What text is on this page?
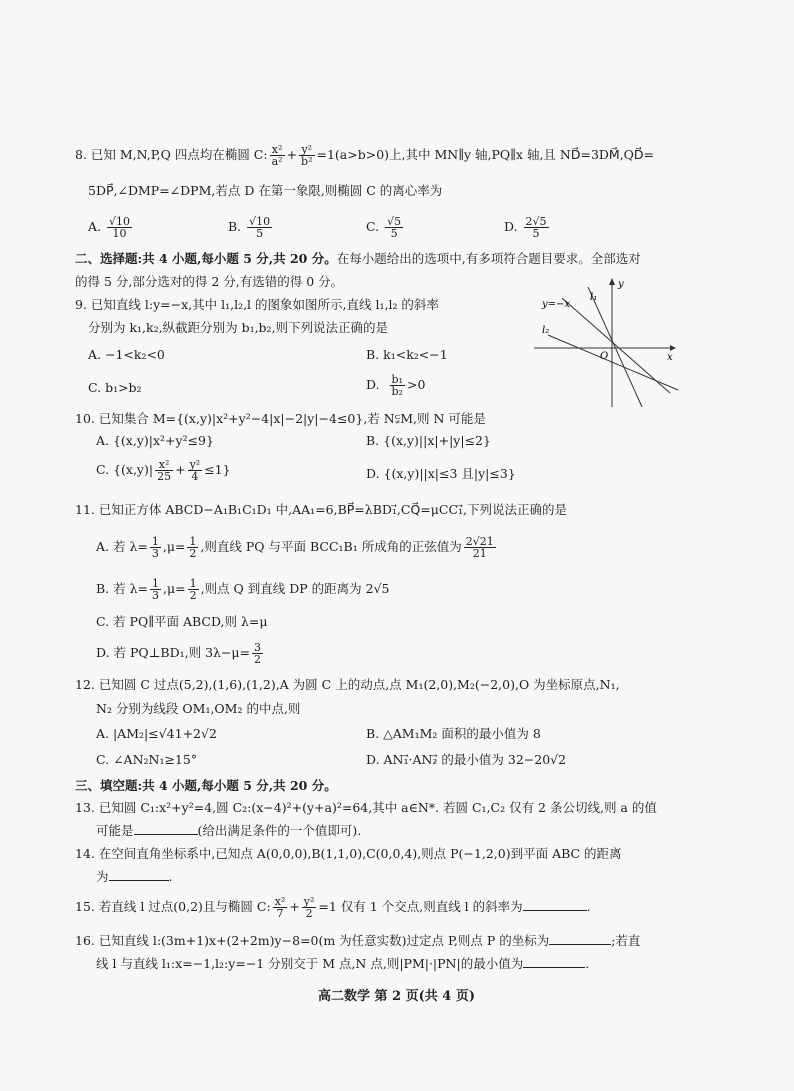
8. 已知 M,N,P,Q 四点均在椭圆 C: $\frac{\text{x²}}{\text{a²}} + \frac{\text{y²}}{\text{b²}} =1(a>b>0)$上,其中 MN∥y 轴,PQ∥x 轴,且 ND⃗=3DM⃗,QD⃗=
5DP⃗,∠DMP=∠DPM,若点 D 在第一象限,则椭圆 C 的离心率为
A. $\frac{√10}{10}$	B. $\frac{√10}{5}$	C. $\frac{√5}{5}$	D. $\frac{2√5}{5}$
二、选择题:共 4 小题,每小题 5 分,共 20 分。在每小题给出的选项中,有多项符合题目要求。全部选对
的得 5 分,部分选对的得 2 分,有选错的得 0 分。
9. 已知直线 l:y=−x,其中 l₁,l₂,l 的图象如图所示,直线 l₁,l₂ 的斜率
分别为 k₁,k₂,纵截距分别为 b₁,b₂,则下列说法正确的是
A. −1<k₂<0	B. k₁<k₂<−1
C. b₁>b₂	D. $\frac{\text{b₁}}{\text{b₂}} >0$
y=−x
l₁
l₂
y
x
O
10. 已知集合 M={(x,y)|x²+y²−4|x|−2|y|−4≤0},若 N⫋M,则 N 可能是
A. {(x,y)|x²+y²≤9}	B. {(x,y)||x|+|y|≤2}
C. $\{(x,y)| \frac{\text{x²}}{25} + \frac{\text{y²}}{4} \le 1\}$	D. {(x,y)||x|≤3 且|y|≤3}
11. 已知正方体 ABCD−A₁B₁C₁D₁ 中,AA₁=6,BP⃗=λBD₁⃗,CQ⃗=μCC₁⃗,下列说法正确的是
A. 若 $\lambda= \frac{1}{3} ,\mu= \frac{1}{2}$ ,则直线 PQ 与平面 BCC₁B₁ 所成角的正弦值为 $\frac{2√21}{21}$
B. 若 $\lambda= \frac{1}{3} ,\mu= \frac{1}{2}$ ,则点 Q 到直线 DP 的距离为 2√5
C. 若 PQ∥平面 ABCD,则 λ=μ
D. 若 PQ⊥BD₁,则 $3\lambda-\mu= \frac{3}{2}$
12. 已知圆 C 过点(5,2),(1,6),(1,2),A 为圆 C 上的动点,点 M₁(2,0),M₂(−2,0),O 为坐标原点,N₁,
N₂ 分别为线段 OM₁,OM₂ 的中点,则
A. |AM₂|≤√41+2√2	B. △AM₁M₂ 面积的最小值为 8
C. ∠AN₂N₁≥15°	D. AN₁⃗·AN₂⃗ 的最小值为 32−20√2
三、填空题:共 4 小题,每小题 5 分,共 20 分。
13. 已知圆 C₁:x²+y²=4,圆 C₂:(x−4)²+(y+a)²=64,其中 a∈N*. 若圆 C₁,C₂ 仅有 2 条公切线,则 a 的值
可能是	(给出满足条件的一个值即可).
14. 在空间直角坐标系中,已知点 A(0,0,0),B(1,1,0),C(0,0,4),则点 P(−1,2,0)到平面 ABC 的距离
为	.
15. 若直线 l 过点(0,2)且与椭圆 C: $\frac{\text{x²}}{7} + \frac{\text{y²}}{2} =1$ 仅有 1 个交点,则直线 l 的斜率为	.
16. 已知直线 l:(3m+1)x+(2+2m)y−8=0(m 为任意实数)过定点 P,则点 P 的坐标为	;若直
线 l 与直线 l₁:x=−1,l₂:y=−1 分别交于 M 点,N 点,则|PM|·|PN|的最小值为	.
高二数学 第 2 页(共 4 页)
